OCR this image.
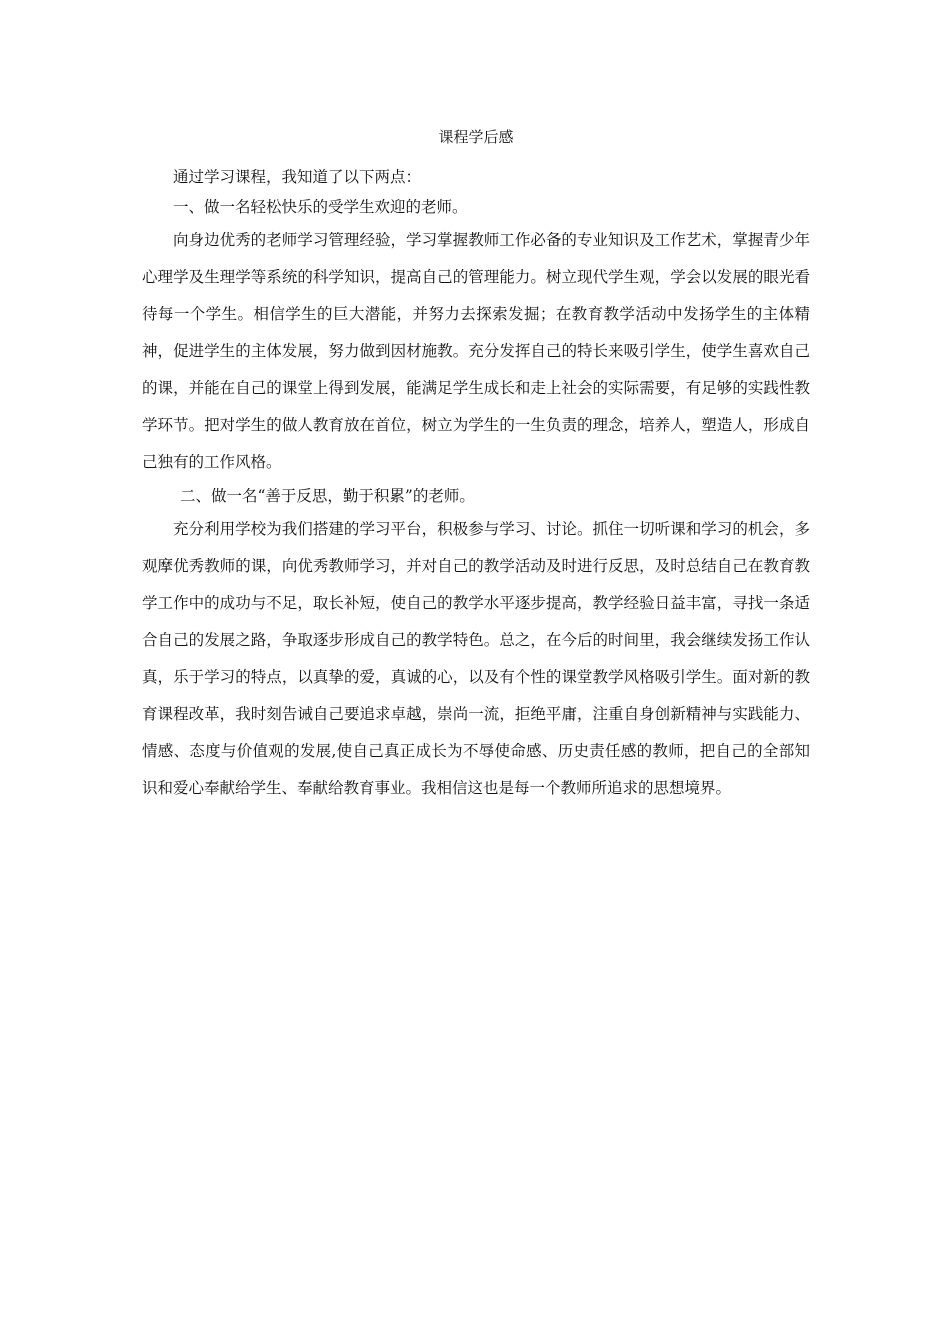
课程学后感

通过学习课程，我知道了以下两点：

一、做一名轻松快乐的受学生欢迎的老师。

向身边优秀的老师学习管理经验，学习掌握教师工作必备的专业知识及工作艺术，掌握青少年心理学及生理学等系统的科学知识，提高自己的管理能力。树立现代学生观，学会以发展的眼光看待每一个学生。相信学生的巨大潜能，并努力去探索发掘；在教育教学活动中发扬学生的主体精神，促进学生的主体发展，努力做到因材施教。充分发挥自己的特长来吸引学生，使学生喜欢自己的课，并能在自己的课堂上得到发展，能满足学生成长和走上社会的实际需要，有足够的实践性教学环节。把对学生的做人教育放在首位，树立为学生的一生负责的理念，培养人，塑造人，形成自己独有的工作风格。

二、做一名“善于反思，勤于积累”的老师。

充分利用学校为我们搭建的学习平台，积极参与学习、讨论。抓住一切听课和学习的机会，多观摩优秀教师的课，向优秀教师学习，并对自己的教学活动及时进行反思，及时总结自己在教育教学工作中的成功与不足，取长补短，使自己的教学水平逐步提高，教学经验日益丰富，寻找一条适合自己的发展之路，争取逐步形成自己的教学特色。总之，在今后的时间里，我会继续发扬工作认真，乐于学习的特点，以真挚的爱，真诚的心，以及有个性的课堂教学风格吸引学生。面对新的教育课程改革，我时刻告诫自己要追求卓越，崇尚一流，拒绝平庸，注重自身创新精神与实践能力、情感、态度与价值观的发展,使自己真正成长为不辱使命感、历史责任感的教师，把自己的全部知识和爱心奉献给学生、奉献给教育事业。我相信这也是每一个教师所追求的思想境界。
